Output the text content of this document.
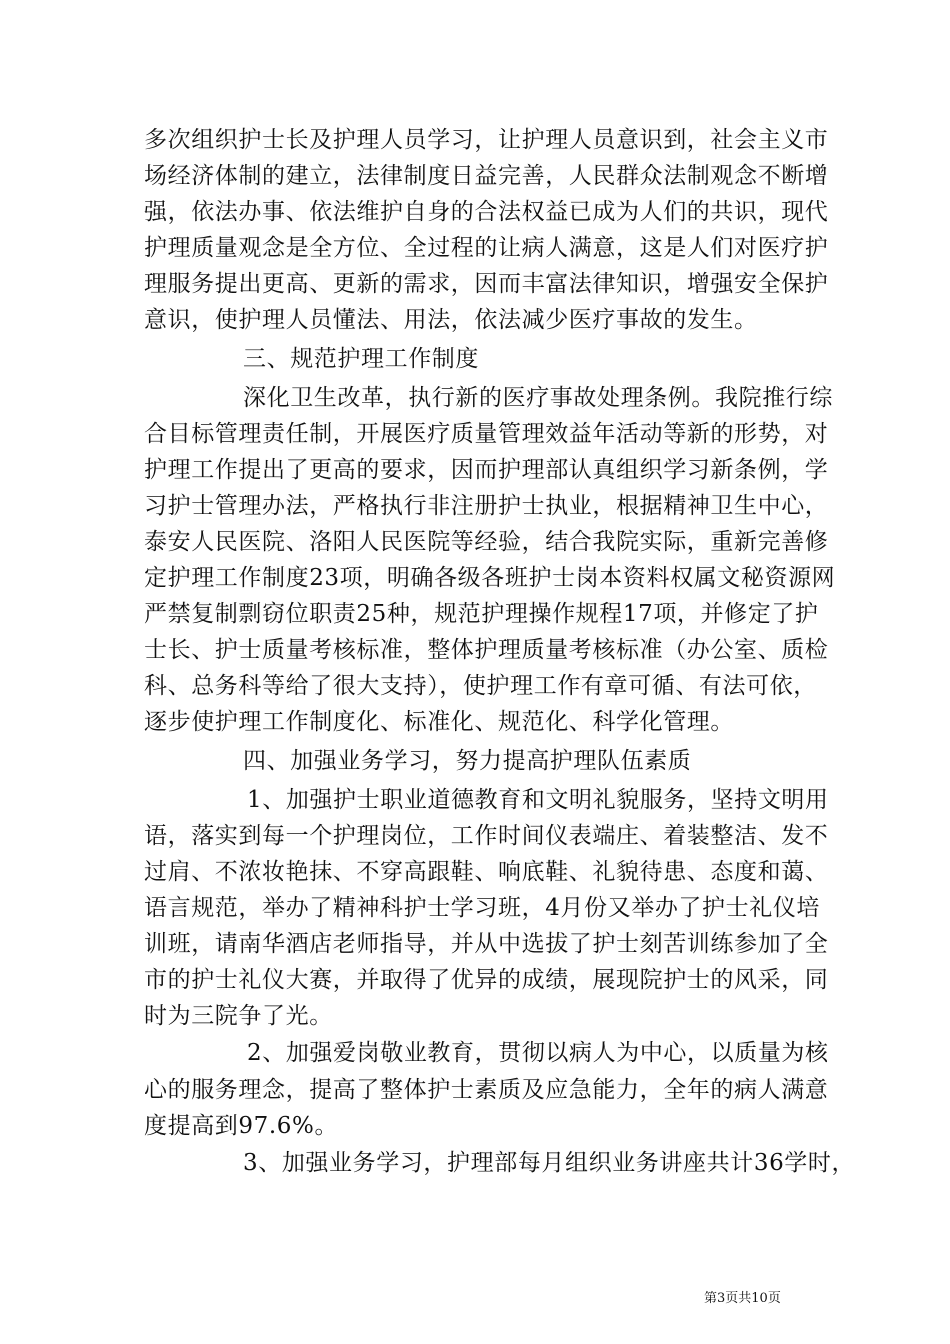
多次组织护士长及护理人员学习，让护理人员意识到，社会主义市
场经济体制的建立，法律制度日益完善，人民群众法制观念不断增
强，依法办事、依法维护自身的合法权益已成为人们的共识，现代
护理质量观念是全方位、全过程的让病人满意，这是人们对医疗护
理服务提出更高、更新的需求，因而丰富法律知识，增强安全保护
意识，使护理人员懂法、用法，依法减少医疗事故的发生。
三、规范护理工作制度
深化卫生改革，执行新的医疗事故处理条例。我院推行综
合目标管理责任制，开展医疗质量管理效益年活动等新的形势，对
护理工作提出了更高的要求，因而护理部认真组织学习新条例，学
习护士管理办法，严格执行非注册护士执业，根据精神卫生中心，
泰安人民医院、洛阳人民医院等经验，结合我院实际，重新完善修
定护理工作制度23项，明确各级各班护士岗本资料权属文秘资源网
严禁复制剽窃位职责25种，规范护理操作规程17项，并修定了护
士长、护士质量考核标准，整体护理质量考核标准（办公室、质检
科、总务科等给了很大支持），使护理工作有章可循、有法可依，
逐步使护理工作制度化、标准化、规范化、科学化管理。
四、加强业务学习，努力提高护理队伍素质
1、加强护士职业道德教育和文明礼貌服务，坚持文明用
语，落实到每一个护理岗位，工作时间仪表端庄、着装整洁、发不
过肩、不浓妆艳抹、不穿高跟鞋、响底鞋、礼貌待患、态度和蔼、
语言规范，举办了精神科护士学习班，4月份又举办了护士礼仪培
训班，请南华酒店老师指导，并从中选拔了护士刻苦训练参加了全
市的护士礼仪大赛，并取得了优异的成绩，展现院护士的风采，同
时为三院争了光。
2、加强爱岗敬业教育，贯彻以病人为中心，以质量为核
心的服务理念，提高了整体护士素质及应急能力，全年的病人满意
度提高到97.6%。
3、加强业务学习，护理部每月组织业务讲座共计36学时，
第3页共10页
